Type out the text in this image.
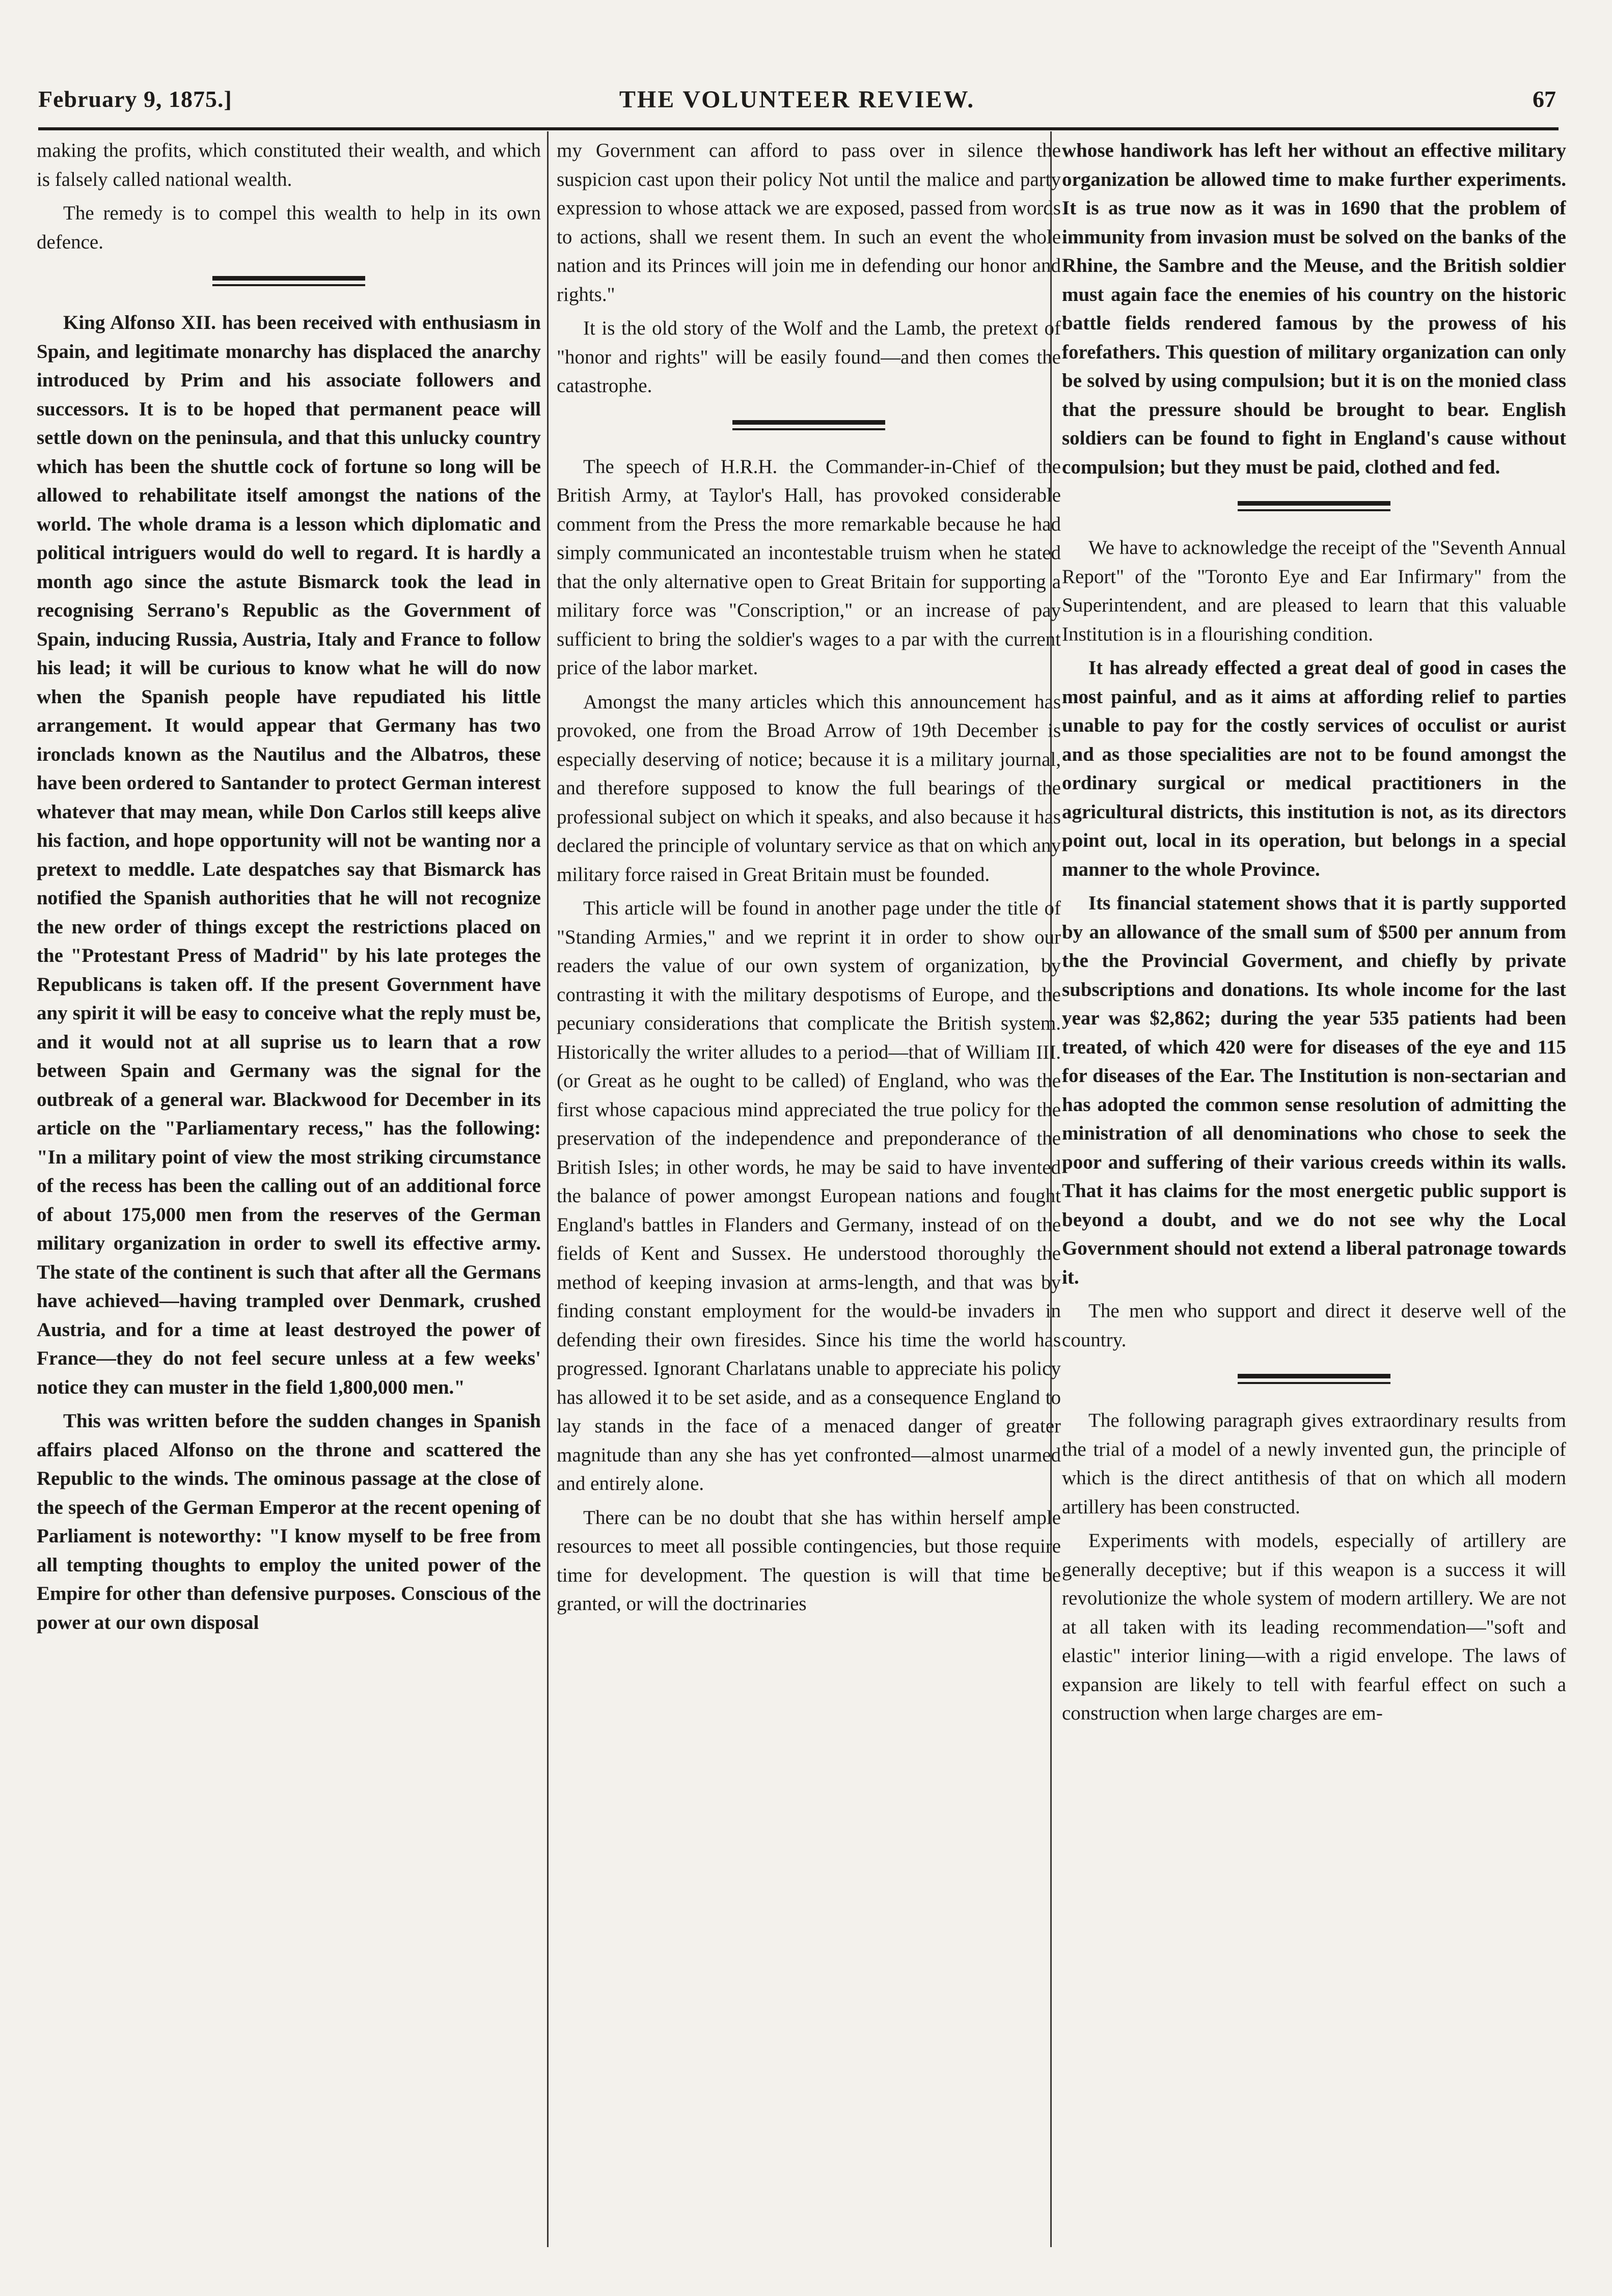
THE VOLUNTEER REVIEW.
February 9, 1875.]	67

making the profits, which constituted their wealth, and which is falsely called national wealth.

The remedy is to compel this wealth to help in its own defence.

King Alfonso XII. has been received with enthusiasm in Spain, and legitimate monarchy has displaced the anarchy introduced by Prim and his associate followers and successors. It is to be hoped that permanent peace will settle down on the peninsula, and that this unlucky country which has been the shuttle cock of fortune so long will be allowed to rehabilitate itself amongst the nations of the world. The whole drama is a lesson which diplomatic and political intriguers would do well to regard. It is hardly a month ago since the astute Bismarck took the lead in recognising Serrano's Republic as the Government of Spain, inducing Russia, Austria, Italy and France to follow his lead; it will be curious to know what he will do now when the Spanish people have repudiated his little arrangement. It would appear that Germany has two ironclads known as the Nautilus and the Albatros, these have been ordered to Santander to protect German interest whatever that may mean, while Don Carlos still keeps alive his faction, and hope opportunity will not be wanting nor a pretext to meddle. Late despatches say that Bismarck has notified the Spanish authorities that he will not recognize the new order of things except the restrictions placed on the "Protestant Press of Madrid" by his late proteges the Republicans is taken off. If the present Government have any spirit it will be easy to conceive what the reply must be, and it would not at all suprise us to learn that a row between Spain and Germany was the signal for the outbreak of a general war. Blackwood for December in its article on the "Parliamentary recess," has the following: "In a military point of view the most striking circumstance of the recess has been the calling out of an additional force of about 175,000 men from the reserves of the German military organization in order to swell its effective army. The state of the continent is such that after all the Germans have achieved—having trampled over Denmark, crushed Austria, and for a time at least destroyed the power of France—they do not feel secure unless at a few weeks' notice they can muster in the field 1,800,000 men."

This was written before the sudden changes in Spanish affairs placed Alfonso on the throne and scattered the Republic to the winds. The ominous passage at the close of the speech of the German Emperor at the recent opening of Parliament is noteworthy: "I know myself to be free from all tempting thoughts to employ the united power of the Empire for other than defensive purposes. Conscious of the power at our own disposal

my Government can afford to pass over in silence the suspicion cast upon their policy Not until the malice and party expression to whose attack we are exposed, passed from words to actions, shall we resent them. In such an event the whole nation and its Princes will join me in defending our honor and rights."

It is the old story of the Wolf and the Lamb, the pretext of "honor and rights" will be easily found—and then comes the catastrophe.

The speech of H.R.H. the Commander-in-Chief of the British Army, at Taylor's Hall, has provoked considerable comment from the Press the more remarkable because he had simply communicated an incontestable truism when he stated that the only alternative open to Great Britain for supporting a military force was "Conscription," or an increase of pay sufficient to bring the soldier's wages to a par with the current price of the labor market.

Amongst the many articles which this announcement has provoked, one from the Broad Arrow of 19th December is especially deserving of notice; because it is a military journal, and therefore supposed to know the full bearings of the professional subject on which it speaks, and also because it has declared the principle of voluntary service as that on which any military force raised in Great Britain must be founded.

This article will be found in another page under the title of "Standing Armies," and we reprint it in order to show our readers the value of our own system of organization, by contrasting it with the military despotisms of Europe, and the pecuniary considerations that complicate the British system. Historically the writer alludes to a period—that of William III. (or Great as he ought to be called) of England, who was the first whose capacious mind appreciated the true policy for the preservation of the independence and preponderance of the British Isles; in other words, he may be said to have invented the balance of power amongst European nations and fought England's battles in Flanders and Germany, instead of on the fields of Kent and Sussex. He understood thoroughly the method of keeping invasion at arms-length, and that was by finding constant employment for the would-be invaders in defending their own firesides. Since his time the world has progressed. Ignorant Charlatans unable to appreciate his policy has allowed it to be set aside, and as a consequence England to lay stands in the face of a menaced danger of greater magnitude than any she has yet confronted—almost unarmed and entirely alone.

There can be no doubt that she has within herself ample resources to meet all possible contingencies, but those require time for development. The question is will that time be granted, or will the doctrinaries

whose handiwork has left her without an effective military organization be allowed time to make further experiments. It is as true now as it was in 1690 that the problem of immunity from invasion must be solved on the banks of the Rhine, the Sambre and the Meuse, and the British soldier must again face the enemies of his country on the historic battle fields rendered famous by the prowess of his forefathers. This question of military organization can only be solved by using compulsion; but it is on the monied class that the pressure should be brought to bear. English soldiers can be found to fight in England's cause without compulsion; but they must be paid, clothed and fed.

We have to acknowledge the receipt of the "Seventh Annual Report" of the "Toronto Eye and Ear Infirmary" from the Superintendent, and are pleased to learn that this valuable Institution is in a flourishing condition.

It has already effected a great deal of good in cases the most painful, and as it aims at affording relief to parties unable to pay for the costly services of occulist or aurist and as those specialities are not to be found amongst the ordinary surgical or medical practitioners in the agricultural districts, this institution is not, as its directors point out, local in its operation, but belongs in a special manner to the whole Province.

Its financial statement shows that it is partly supported by an allowance of the small sum of $500 per annum from the the Provincial Goverment, and chiefly by private subscriptions and donations. Its whole income for the last year was $2,862; during the year 535 patients had been treated, of which 420 were for diseases of the eye and 115 for diseases of the Ear. The Institution is non-sectarian and has adopted the common sense resolution of admitting the ministration of all denominations who chose to seek the poor and suffering of their various creeds within its walls. That it has claims for the most energetic public support is beyond a doubt, and we do not see why the Local Government should not extend a liberal patronage towards it.

The men who support and direct it deserve well of the country.

The following paragraph gives extraordinary results from the trial of a model of a newly invented gun, the principle of which is the direct antithesis of that on which all modern artillery has been constructed.

Experiments with models, especially of artillery are generally deceptive; but if this weapon is a success it will revolutionize the whole system of modern artillery. We are not at all taken with its leading recommendation—"soft and elastic" interior lining—with a rigid envelope. The laws of expansion are likely to tell with fearful effect on such a construction when large charges are em-
